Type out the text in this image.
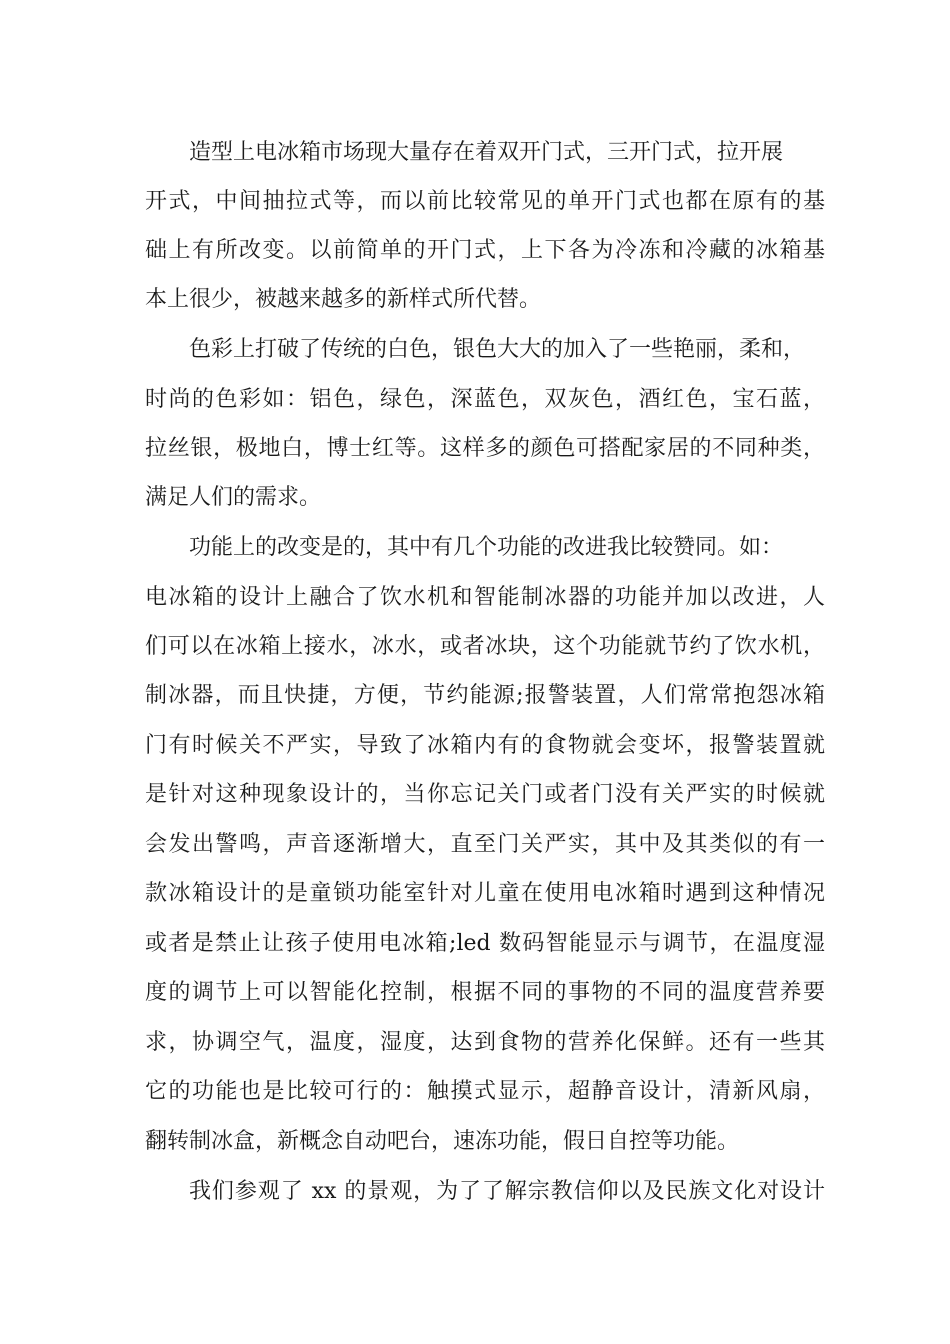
造型上电冰箱市场现大量存在着双开门式，三开门式，拉开展
开式，中间抽拉式等，而以前比较常见的单开门式也都在原有的基
础上有所改变。以前简单的开门式，上下各为冷冻和冷藏的冰箱基
本上很少，被越来越多的新样式所代替。
色彩上打破了传统的白色，银色大大的加入了一些艳丽，柔和，
时尚的色彩如：铝色，绿色，深蓝色，双灰色，酒红色，宝石蓝，
拉丝银，极地白，博士红等。这样多的颜色可搭配家居的不同种类，
满足人们的需求。
功能上的改变是的，其中有几个功能的改进我比较赞同。如：
电冰箱的设计上融合了饮水机和智能制冰器的功能并加以改进，人
们可以在冰箱上接水，冰水，或者冰块，这个功能就节约了饮水机，
制冰器，而且快捷，方便，节约能源;报警装置，人们常常抱怨冰箱
门有时候关不严实，导致了冰箱内有的食物就会变坏，报警装置就
是针对这种现象设计的，当你忘记关门或者门没有关严实的时候就
会发出警鸣，声音逐渐增大，直至门关严实，其中及其类似的有一
款冰箱设计的是童锁功能室针对儿童在使用电冰箱时遇到这种情况
或者是禁止让孩子使用电冰箱;led 数码智能显示与调节，在温度湿
度的调节上可以智能化控制，根据不同的事物的不同的温度营养要
求，协调空气，温度，湿度，达到食物的营养化保鲜。还有一些其
它的功能也是比较可行的：触摸式显示，超静音设计，清新风扇，
翻转制冰盒，新概念自动吧台，速冻功能，假日自控等功能。
我们参观了 xx 的景观，为了了解宗教信仰以及民族文化对设计
